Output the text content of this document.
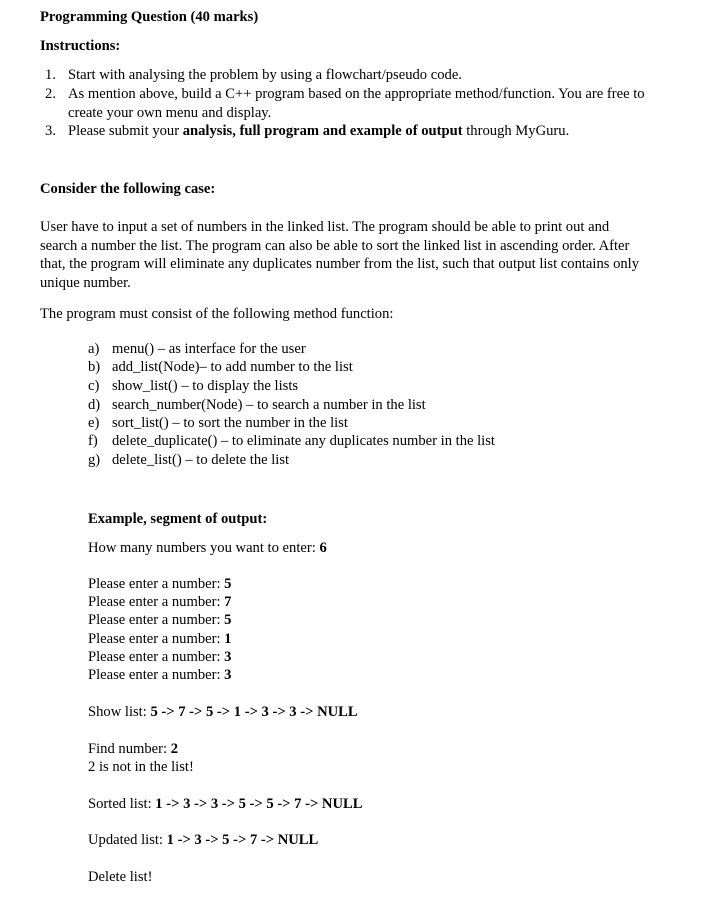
Programming Question (40 marks)
Instructions:
1. Start with analysing the problem by using a flowchart/pseudo code.
2. As mention above, build a C++ program based on the appropriate method/function. You are free to create your own menu and display.
3. Please submit your analysis, full program and example of output through MyGuru.
Consider the following case:
User have to input a set of numbers in the linked list. The program should be able to print out and search a number the list. The program can also be able to sort the linked list in ascending order. After that, the program will eliminate any duplicates number from the list, such that output list contains only unique number.
The program must consist of the following method function:
a) menu() – as interface for the user
b) add_list(Node)– to add number to the list
c) show_list() – to display the lists
d) search_number(Node) – to search a number in the list
e) sort_list() – to sort the number in the list
f) delete_duplicate() – to eliminate any duplicates number in the list
g) delete_list() – to delete the list
Example, segment of output:
How many numbers you want to enter: 6
Please enter a number: 5
Please enter a number: 7
Please enter a number: 5
Please enter a number: 1
Please enter a number: 3
Please enter a number: 3
Show list: 5 -> 7 -> 5 -> 1 -> 3 -> 3 -> NULL
Find number: 2
2 is not in the list!
Sorted list: 1 -> 3 -> 3 -> 5 -> 5 -> 7 -> NULL
Updated list: 1 -> 3 -> 5 -> 7 -> NULL
Delete list!
